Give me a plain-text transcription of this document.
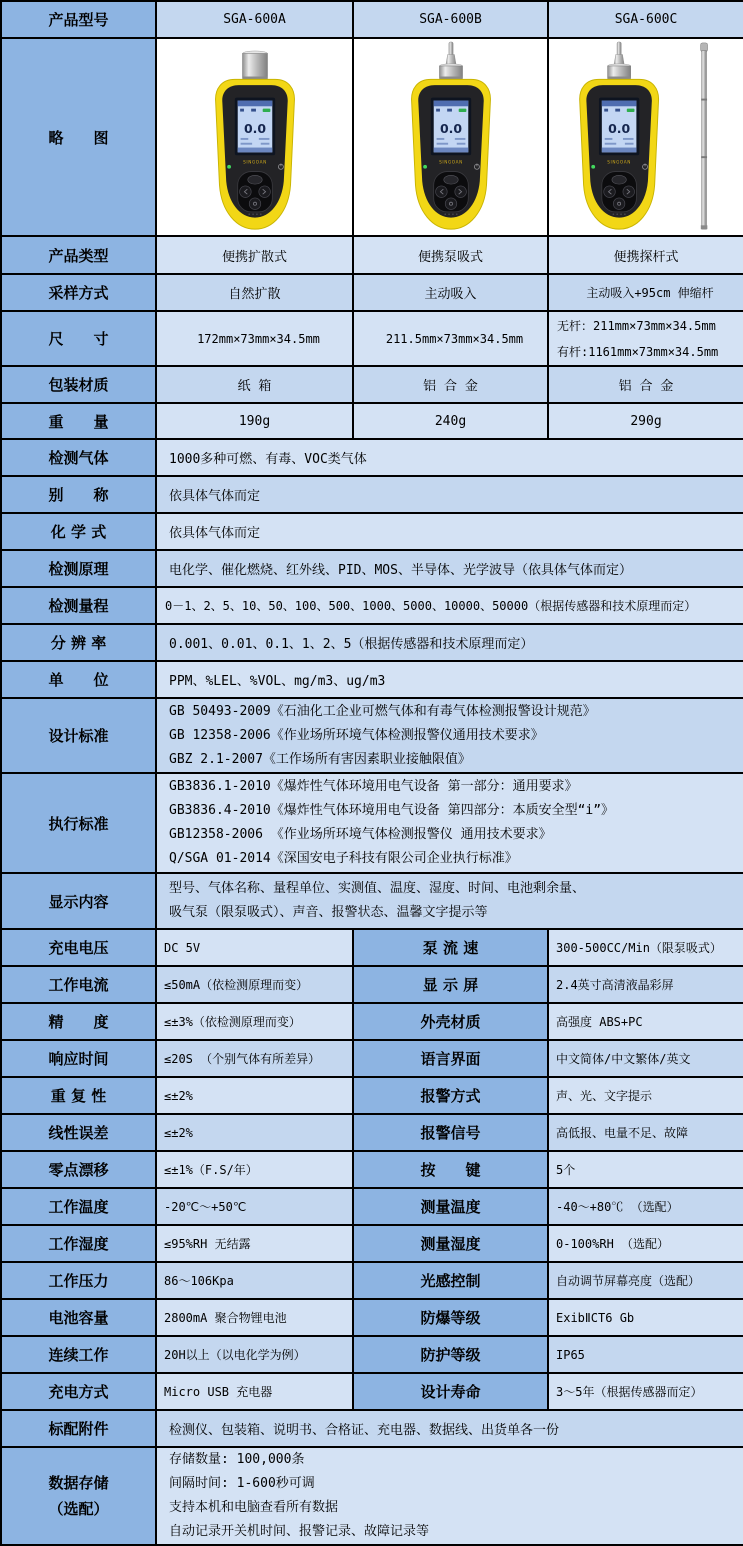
产品型号	SGA-600A	SGA-600B	SGA-600C
略　　图	

产品类型	便携扩散式	便携泵吸式	便携探杆式
采样方式	自然扩散	主动吸入	主动吸入+95cm 伸缩杆
尺　　寸	172mm×73mm×34.5mm	211.5mm×73mm×34.5mm	无杆：211mm×73mm×34.5mm
有杆:1161mm×73mm×34.5mm

包装材质	纸 箱	铝 合 金	铝 合 金
重　　量	190g	240g	290g
检测气体	1000多种可燃、有毒、VOC类气体		
别　　称	依具体气体而定		
化 学 式	依具体气体而定		
检测原理	电化学、催化燃烧、红外线、PID、MOS、半导体、光学波导（依具体气体而定）		
检测量程	0－1、2、5、10、50、100、500、1000、5000、10000、50000（根据传感器和技术原理而定）		
分 辨 率	0.001、0.01、0.1、1、2、5（根据传感器和技术原理而定）		
单　　位	PPM、%LEL、%VOL、mg/m3、ug/m3		
设计标准	GB 50493-2009《石油化工企业可燃气体和有毒气体检测报警设计规范》
GB 12358-2006《作业场所环境气体检测报警仪通用技术要求》
GBZ 2.1-2007《工作场所有害因素职业接触限值》		

执行标准	GB3836.1-2010《爆炸性气体环境用电气设备 第一部分：通用要求》
GB3836.4-2010《爆炸性气体环境用电气设备 第四部分：本质安全型“i”》
GB12358-2006 《作业场所环境气体检测报警仪 通用技术要求》
Q/SGA 01-2014《深国安电子科技有限公司企业执行标准》		

显示内容	型号、气体名称、量程单位、实测值、温度、湿度、时间、电池剩余量、
吸气泵（限泵吸式）、声音、报警状态、温馨文字提示等		

充电电压	DC 5V	泵 流 速	300-500CC/Min（限泵吸式）
工作电流	≤50mA（依检测原理而变）	显 示 屏	2.4英寸高清液晶彩屏
精　　度	≤±3%（依检测原理而变）	外壳材质	高强度 ABS+PC
响应时间	≤20S （个别气体有所差异）	语言界面	中文简体/中文繁体/英文
重 复 性	≤±2%	报警方式	声、光、文字提示
线性误差	≤±2%	报警信号	高低报、电量不足、故障
零点漂移	≤±1%（F.S/年）	按　　键	5个
工作温度	-20℃～+50℃	测量温度	-40～+80℃ （选配）
工作湿度	≤95%RH 无结露	测量湿度	0-100%RH （选配）
工作压力	86～106Kpa	光感控制	自动调节屏幕亮度（选配）
电池容量	2800mA 聚合物锂电池	防爆等级	ExibⅡCT6 Gb
连续工作	20H以上（以电化学为例）	防护等级	IP65
充电方式	Micro USB 充电器	设计寿命	3～5年（根据传感器而定）
标配附件	检测仪、包装箱、说明书、合格证、充电器、数据线、出货单各一份		

数据存储
（选配）

存储数量: 100,000条
间隔时间: 1-600秒可调
支持本机和电脑查看所有数据
自动记录开关机时间、报警记录、故障记录等
